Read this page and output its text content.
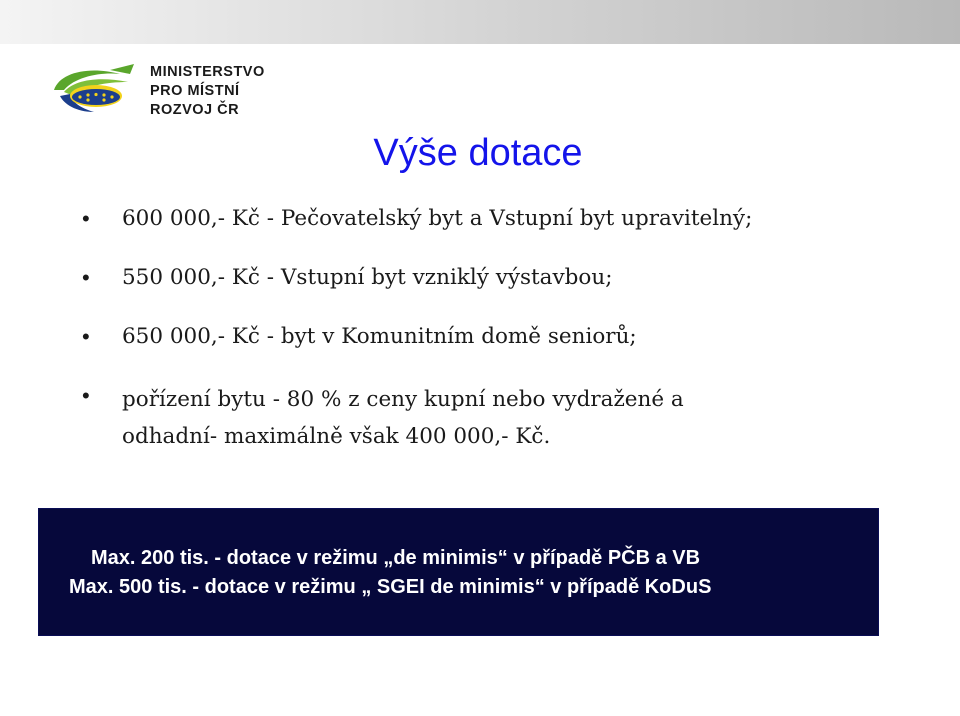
MINISTERSTVO
PRO MÍSTNÍ
ROZVOJ ČR
Výše dotace
• 600 000,- Kč - Pečovatelský byt a Vstupní byt upravitelný;
• 550 000,- Kč - Vstupní byt vzniklý výstavbou;
• 650 000,- Kč - byt v Komunitním domě seniorů;
• pořízení bytu - 80 % z ceny kupní nebo vydražené a
odhadní- maximálně však 400 000,- Kč.
Max. 200 tis. - dotace v režimu „de minimis“ v případě PČB a VB
Max. 500 tis. - dotace v režimu „ SGEI de minimis“ v případě KoDuS
